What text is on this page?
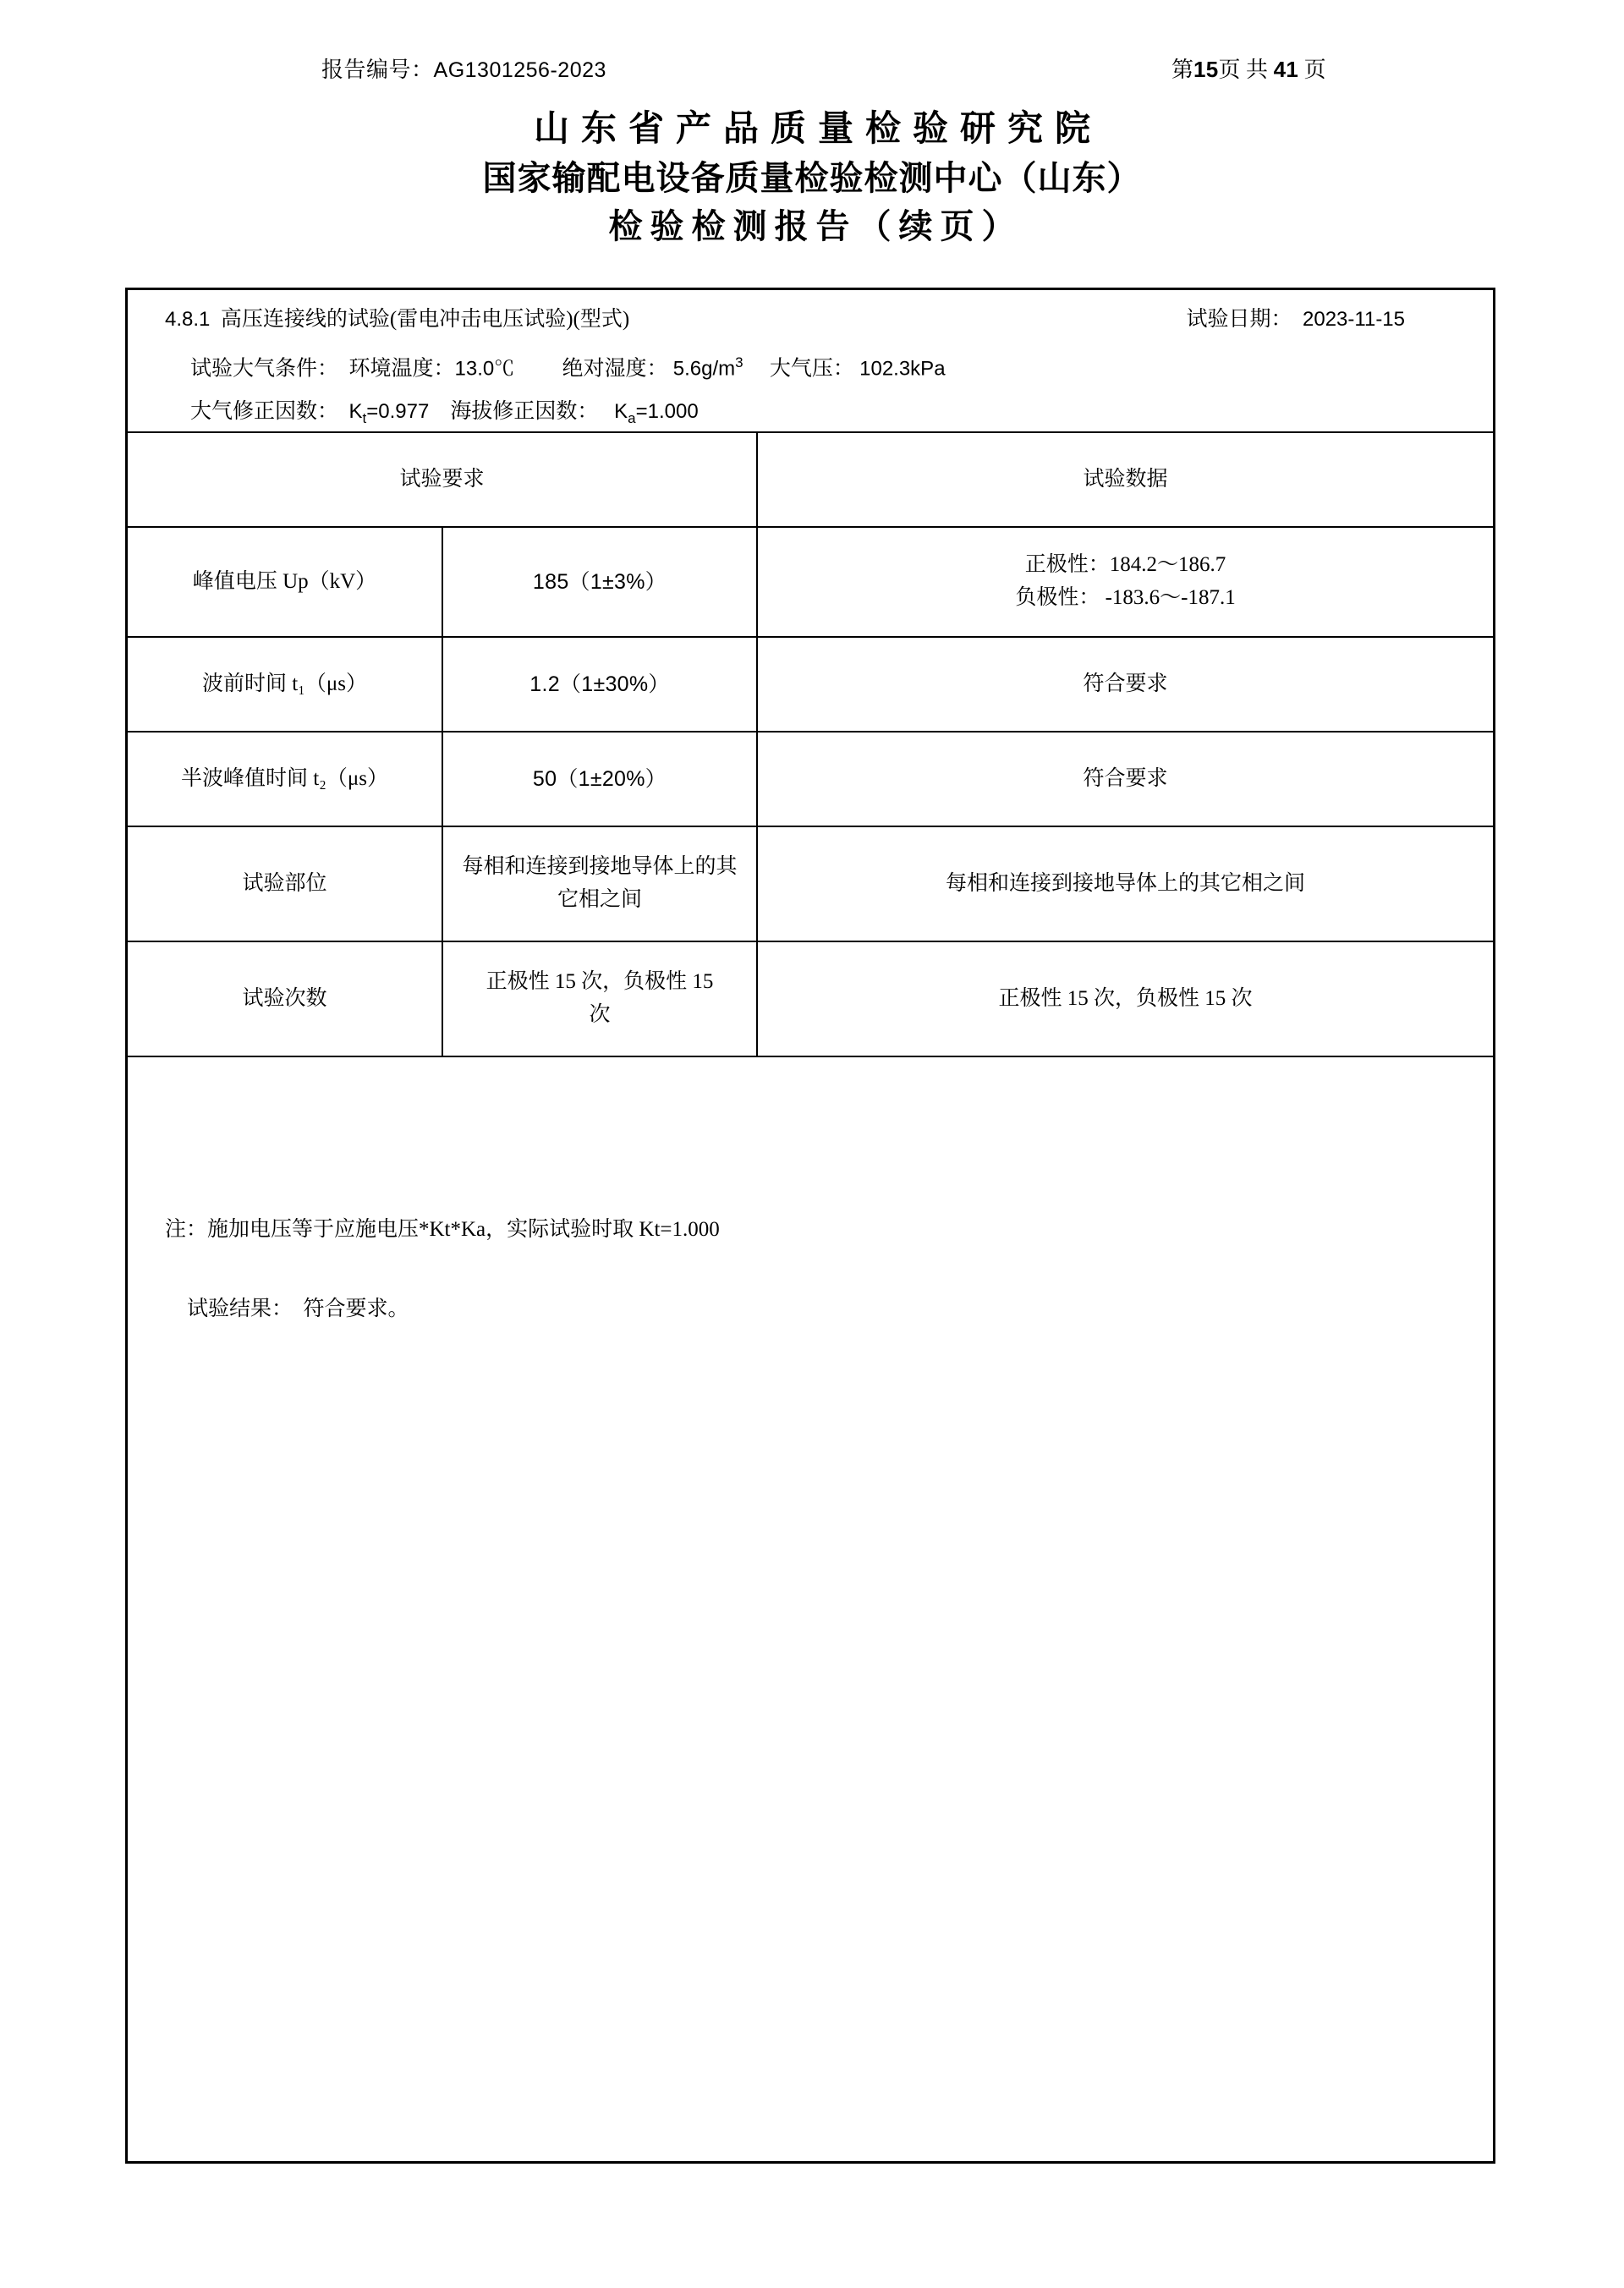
报告编号：AG1301256-2023	第15页 共 41 页
山东省产品质量检验研究院
国家输配电设备质量检验检测中心（山东）
检验检测报告（续页）
4.8.1 高压连接线的试验(雷电冲击电压试验)(型式)	试验日期： 2023-11-15
试验大气条件： 环境温度：13.0℃ 绝对湿度： $5.6g/m^3$ 大气压： 102.3kPa
大气修正因数： $K_t=0.977$ 海拔修正因数： $K_a=1.000$
试验要求		试验数据
峰值电压 Up（kV）	185（1±3%）	正极性：184.2～186.7
负极性： -183.6～-187.1

波前时间 t₁（μs）	1.2（1±30%）	符合要求
半波峰值时间 t₂（μs）	50（1±20%）	符合要求
试验部位	每相和连接到接地导体上的其它相之间	每相和连接到接地导体上的其它相之间
试验次数	正极性 15 次，负极性 15 次	正极性 15 次，负极性 15 次
注：施加电压等于应施电压*Kt*Ka，实际试验时取 Kt=1.000
试验结果： 符合要求。
